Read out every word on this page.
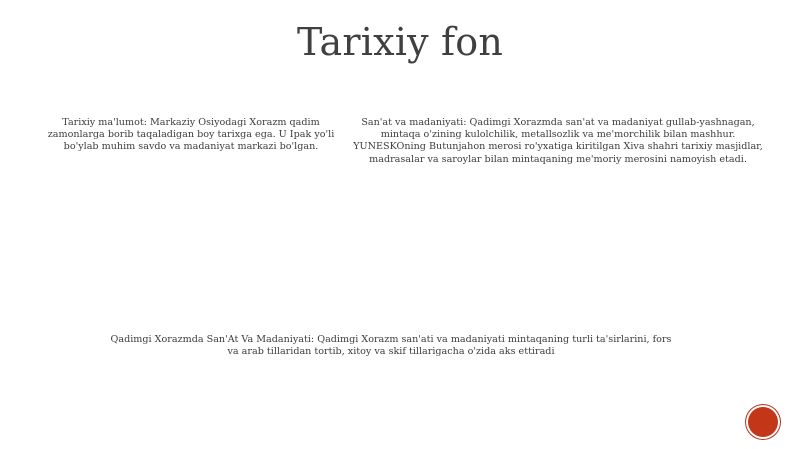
Tarixiy fon
Tarixiy ma'lumot: Markaziy Osiyodagi Xorazm qadim zamonlarga borib taqaladigan boy tarixga ega. U Ipak yo'li bo'ylab muhim savdo va madaniyat markazi bo'lgan.
San'at va madaniyati: Qadimgi Xorazmda san'at va madaniyat gullab-yashnagan, mintaqa o'zining kulolchilik, metallsozlik va me'morchilik bilan mashhur. YUNESKOning Butunjahon merosi ro'yxatiga kiritilgan Xiva shahri tarixiy masjidlar, madrasalar va saroylar bilan mintaqaning me'moriy merosini namoyish etadi.
Qadimgi Xorazmda San'At Va Madaniyati: Qadimgi Xorazm san'ati va madaniyati mintaqaning turli ta'sirlarini, fors va arab tillaridan tortib, xitoy va skif tillarigacha o'zida aks ettiradi
